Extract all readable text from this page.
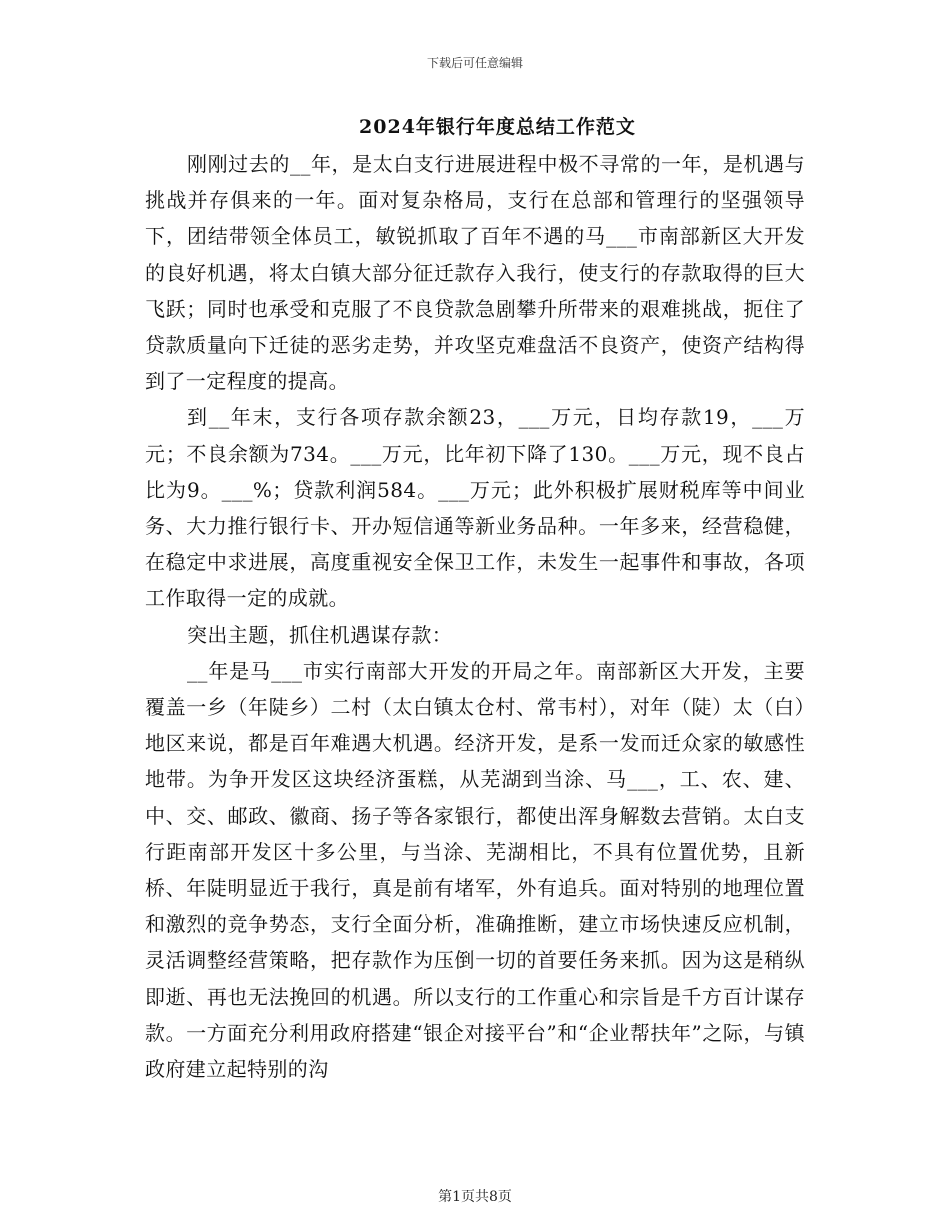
下载后可任意编辑
2024年银行年度总结工作范文

刚刚过去的__年，是太白支行进展进程中极不寻常的一年，是机遇与挑战并存俱来的一年。面对复杂格局，支行在总部和管理行的坚强领导下，团结带领全体员工，敏锐抓取了百年不遇的马___市南部新区大开发的良好机遇，将太白镇大部分征迁款存入我行，使支行的存款取得的巨大飞跃；同时也承受和克服了不良贷款急剧攀升所带来的艰难挑战，扼住了贷款质量向下迁徒的恶劣走势，并攻坚克难盘活不良资产，使资产结构得到了一定程度的提高。

到__年末，支行各项存款余额23，___万元，日均存款19，___万元；不良余额为734。___万元，比年初下降了130。___万元，现不良占比为9。___%；贷款利润584。___万元；此外积极扩展财税库等中间业务、大力推行银行卡、开办短信通等新业务品种。一年多来，经营稳健，在稳定中求进展，高度重视安全保卫工作，未发生一起事件和事故，各项工作取得一定的成就。

突出主题，抓住机遇谋存款：

__年是马___市实行南部大开发的开局之年。南部新区大开发，主要覆盖一乡（年陡乡）二村（太白镇太仓村、常韦村），对年（陡）太（白）地区来说，都是百年难遇大机遇。经济开发，是系一发而迁众家的敏感性地带。为争开发区这块经济蛋糕，从芜湖到当涂、马___，工、农、建、中、交、邮政、徽商、扬子等各家银行，都使出浑身解数去营销。太白支行距南部开发区十多公里，与当涂、芜湖相比，不具有位置优势，且新桥、年陡明显近于我行，真是前有堵军，外有追兵。面对特别的地理位置和激烈的竞争势态，支行全面分析，准确推断，建立市场快速反应机制，灵活调整经营策略，把存款作为压倒一切的首要任务来抓。因为这是稍纵即逝、再也无法挽回的机遇。所以支行的工作重心和宗旨是千方百计谋存款。一方面充分利用政府搭建“银企对接平台”和“企业帮扶年”之际，与镇政府建立起特别的沟

第1页共8页
